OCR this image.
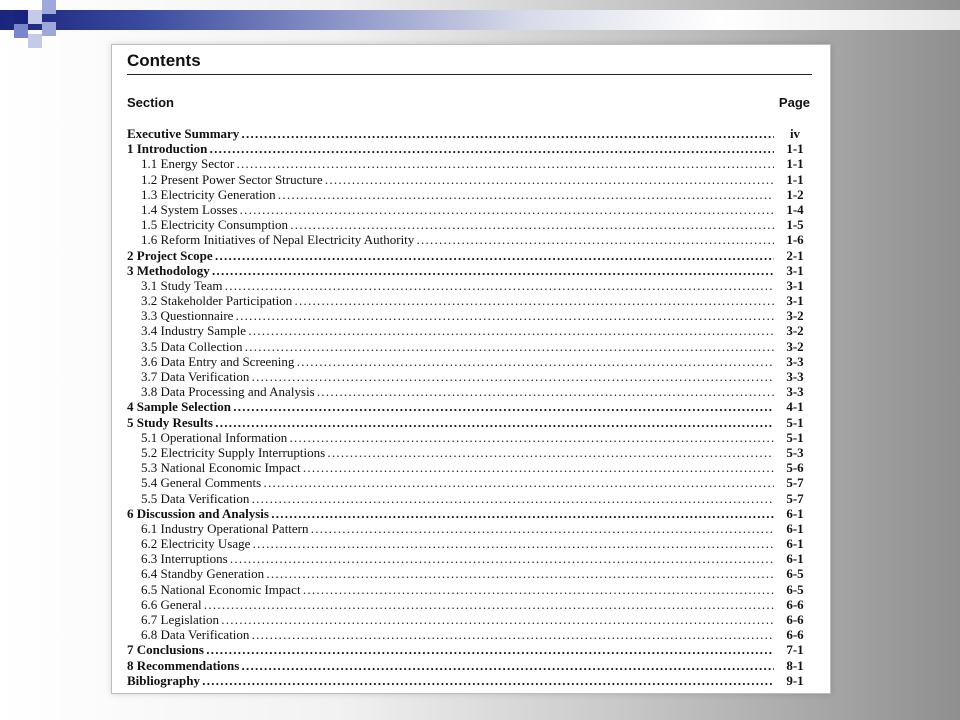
Contents
Section	Page
Executive Summary . . .	iv
1 Introduction . . .	1-1
1.1 Energy Sector . . .	1-1
1.2 Present Power Sector Structure . . .	1-1
1.3 Electricity Generation . . .	1-2
1.4 System Losses . . .	1-4
1.5 Electricity Consumption . . .	1-5
1.6 Reform Initiatives of Nepal Electricity Authority . . .	1-6
2 Project Scope . . .	2-1
3 Methodology . . .	3-1
3.1 Study Team . . .	3-1
3.2 Stakeholder Participation . . .	3-1
3.3 Questionnaire . . .	3-2
3.4 Industry Sample . . .	3-2
3.5 Data Collection . . .	3-2
3.6 Data Entry and Screening . . .	3-3
3.7 Data Verification . . .	3-3
3.8 Data Processing and Analysis . . .	3-3
4 Sample Selection . . .	4-1
5 Study Results . . .	5-1
5.1 Operational Information . . .	5-1
5.2 Electricity Supply Interruptions . . .	5-3
5.3 National Economic Impact . . .	5-6
5.4 General Comments . . .	5-7
5.5 Data Verification . . .	5-7
6 Discussion and Analysis . . .	6-1
6.1 Industry Operational Pattern . . .	6-1
6.2 Electricity Usage . . .	6-1
6.3 Interruptions . . .	6-1
6.4 Standby Generation . . .	6-5
6.5 National Economic Impact . . .	6-5
6.6 General . . .	6-6
6.7 Legislation . . .	6-6
6.8 Data Verification . . .	6-6
7 Conclusions . . .	7-1
8 Recommendations . . .	8-1
Bibliography . . .	9-1
